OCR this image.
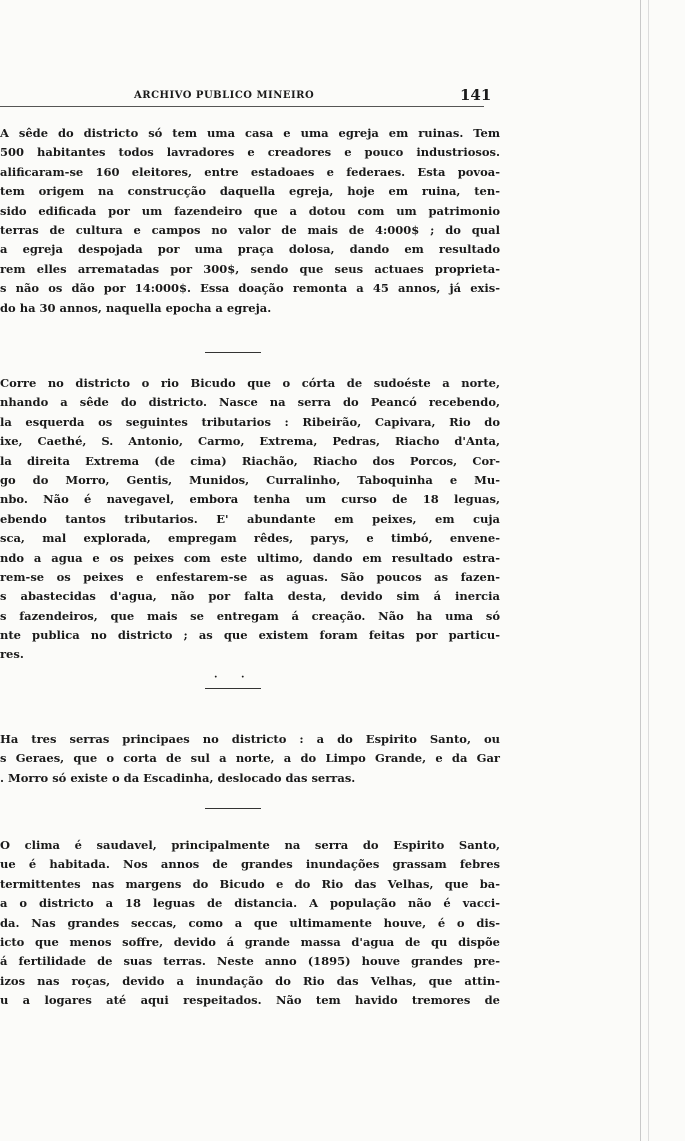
ARCHIVO PUBLICO MINEIRO	141
A sêde do districto só tem uma casa e uma egreja em ruinas. Tem
500 habitantes todos lavradores e creadores e pouco industriosos.
alificaram-se 160 eleitores, entre estadoaes e federaes. Esta povoa-
tem origem na construcção daquella egreja, hoje em ruina, ten-
sido edificada por um fazendeiro que a dotou com um patrimonio
terras de cultura e campos no valor de mais de 4:000$ ; do qual
a egreja despojada por uma praça dolosa, dando em resultado
rem elles arrematadas por 300$, sendo que seus actuaes proprieta-
s não os dão por 14:000$. Essa doação remonta a 45 annos, já exis-
do ha 30 annos, naquella epocha a egreja.
Corre no districto o rio Bicudo que o córta de sudoéste a norte,
nhando a sêde do districto. Nasce na serra do Peancó recebendo,
la esquerda os seguintes tributarios : Ribeirão, Capivara, Rio do
ixe, Caethé, S. Antonio, Carmo, Extrema, Pedras, Riacho d'Anta,
la direita Extrema (de cima) Riachão, Riacho dos Porcos, Cor-
go do Morro, Gentis, Munidos, Curralinho, Taboquinha e Mu-
nbo. Não é navegavel, embora tenha um curso de 18 leguas,
ebendo tantos tributarios. E' abundante em peixes, em cuja
sca, mal explorada, empregam rêdes, parys, e timbó, envene-
ndo a agua e os peixes com este ultimo, dando em resultado estra-
rem-se os peixes e enfestarem-se as aguas. São poucos as fazen-
s abastecidas d'agua, não por falta desta, devido sim á inercia
s fazendeiros, que mais se entregam á creação. Não ha uma só
nte publica no districto ; as que existem foram feitas por particu-
res.
· ·
Ha tres serras principaes no districto : a do Espirito Santo, ou
s Geraes, que o corta de sul a norte, a do Limpo Grande, e da Gar
. Morro só existe o da Escadinha, deslocado das serras.
O clima é saudavel, principalmente na serra do Espirito Santo,
ue é habitada. Nos annos de grandes inundações grassam febres
termittentes nas margens do Bicudo e do Rio das Velhas, que ba-
a o districto a 18 leguas de distancia. A população não é vacci-
da. Nas grandes seccas, como a que ultimamente houve, é o dis-
icto que menos soffre, devido á grande massa d'agua de qu dispõe
á fertilidade de suas terras. Neste anno (1895) houve grandes pre-
izos nas roças, devido a inundação do Rio das Velhas, que attin-
u a logares até aqui respeitados. Não tem havido tremores de
